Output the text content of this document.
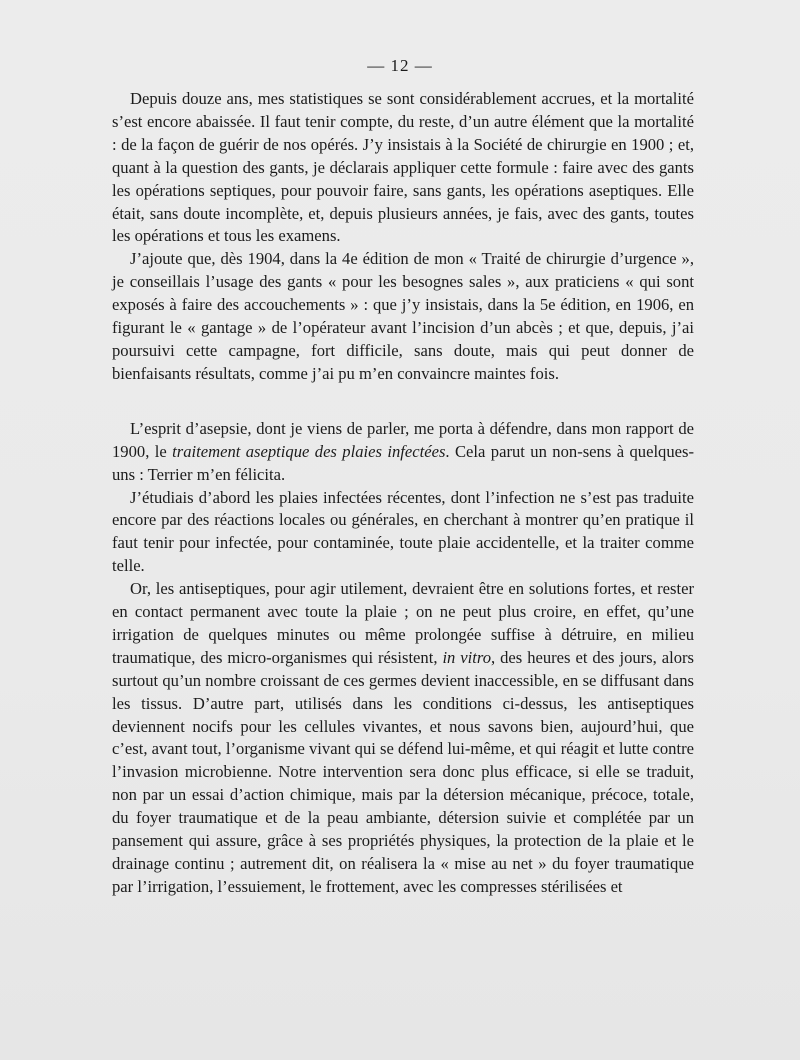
— 12 —

Depuis douze ans, mes statistiques se sont considérablement accrues, et la mortalité s’est encore abaissée. Il faut tenir compte, du reste, d’un autre élément que la mortalité : de la façon de guérir de nos opérés. J’y insistais à la Société de chirurgie en 1900 ; et, quant à la question des gants, je déclarais appliquer cette formule : faire avec des gants les opérations septiques, pour pouvoir faire, sans gants, les opérations aseptiques. Elle était, sans doute incomplète, et, depuis plusieurs années, je fais, avec des gants, toutes les opérations et tous les examens.

J’ajoute que, dès 1904, dans la 4e édition de mon « Traité de chirurgie d’urgence », je conseillais l’usage des gants « pour les besognes sales », aux praticiens « qui sont exposés à faire des accouchements » : que j’y insistais, dans la 5e édition, en 1906, en figurant le « gantage » de l’opérateur avant l’incision d’un abcès ; et que, depuis, j’ai poursuivi cette campagne, fort difficile, sans doute, mais qui peut donner de bienfaisants résultats, comme j’ai pu m’en convaincre maintes fois.

L’esprit d’asepsie, dont je viens de parler, me porta à défendre, dans mon rapport de 1900, le traitement aseptique des plaies infectées. Cela parut un non-sens à quelques-uns : Terrier m’en félicita.

J’étudiais d’abord les plaies infectées récentes, dont l’infection ne s’est pas traduite encore par des réactions locales ou générales, en cherchant à montrer qu’en pratique il faut tenir pour infectée, pour contaminée, toute plaie accidentelle, et la traiter comme telle.

Or, les antiseptiques, pour agir utilement, devraient être en solutions fortes, et rester en contact permanent avec toute la plaie ; on ne peut plus croire, en effet, qu’une irrigation de quelques minutes ou même prolongée suffise à détruire, en milieu traumatique, des micro-organismes qui résistent, in vitro, des heures et des jours, alors surtout qu’un nombre croissant de ces germes devient inaccessible, en se diffusant dans les tissus. D’autre part, utilisés dans les conditions ci-dessus, les antiseptiques deviennent nocifs pour les cellules vivantes, et nous savons bien, aujourd’hui, que c’est, avant tout, l’organisme vivant qui se défend lui-même, et qui réagit et lutte contre l’invasion microbienne. Notre intervention sera donc plus efficace, si elle se traduit, non par un essai d’action chimique, mais par la détersion mécanique, précoce, totale, du foyer traumatique et de la peau ambiante, détersion suivie et complétée par un pansement qui assure, grâce à ses propriétés physiques, la protection de la plaie et le drainage continu ; autrement dit, on réalisera la « mise au net » du foyer traumatique par l’irrigation, l’essuiement, le frottement, avec les compresses stérilisées et
